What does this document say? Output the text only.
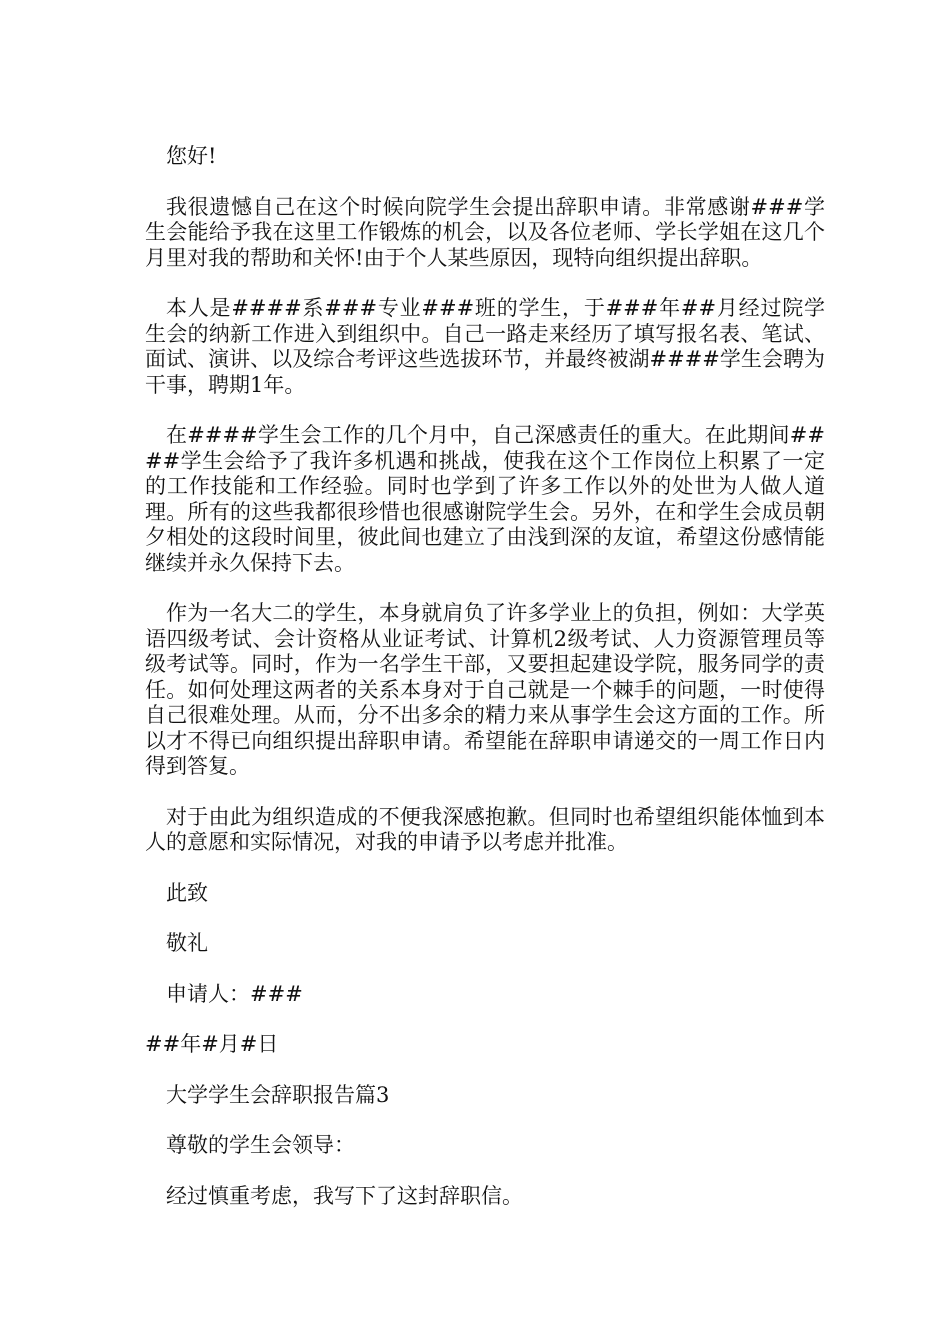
您好!

我很遗憾自己在这个时候向院学生会提出辞职申请。非常感谢###学生会能给予我在这里工作锻炼的机会，以及各位老师、学长学姐在这几个月里对我的帮助和关怀!由于个人某些原因，现特向组织提出辞职。

本人是####系###专业###班的学生，于###年##月经过院学生会的纳新工作进入到组织中。自己一路走来经历了填写报名表、笔试、面试、演讲、以及综合考评这些选拔环节，并最终被湖####学生会聘为干事，聘期1年。

在####学生会工作的几个月中，自己深感责任的重大。在此期间####学生会给予了我许多机遇和挑战，使我在这个工作岗位上积累了一定的工作技能和工作经验。同时也学到了许多工作以外的处世为人做人道理。所有的这些我都很珍惜也很感谢院学生会。另外，在和学生会成员朝夕相处的这段时间里，彼此间也建立了由浅到深的友谊，希望这份感情能继续并永久保持下去。

作为一名大二的学生，本身就肩负了许多学业上的负担，例如：大学英语四级考试、会计资格从业证考试、计算机2级考试、人力资源管理员等级考试等。同时，作为一名学生干部，又要担起建设学院，服务同学的责任。如何处理这两者的关系本身对于自己就是一个棘手的问题，一时使得自己很难处理。从而，分不出多余的精力来从事学生会这方面的工作。所以才不得已向组织提出辞职申请。希望能在辞职申请递交的一周工作日内得到答复。

对于由此为组织造成的不便我深感抱歉。但同时也希望组织能体恤到本人的意愿和实际情况，对我的申请予以考虑并批准。

此致

敬礼

申请人：###

##年#月#日

大学学生会辞职报告篇3

尊敬的学生会领导：

经过慎重考虑，我写下了这封辞职信。
